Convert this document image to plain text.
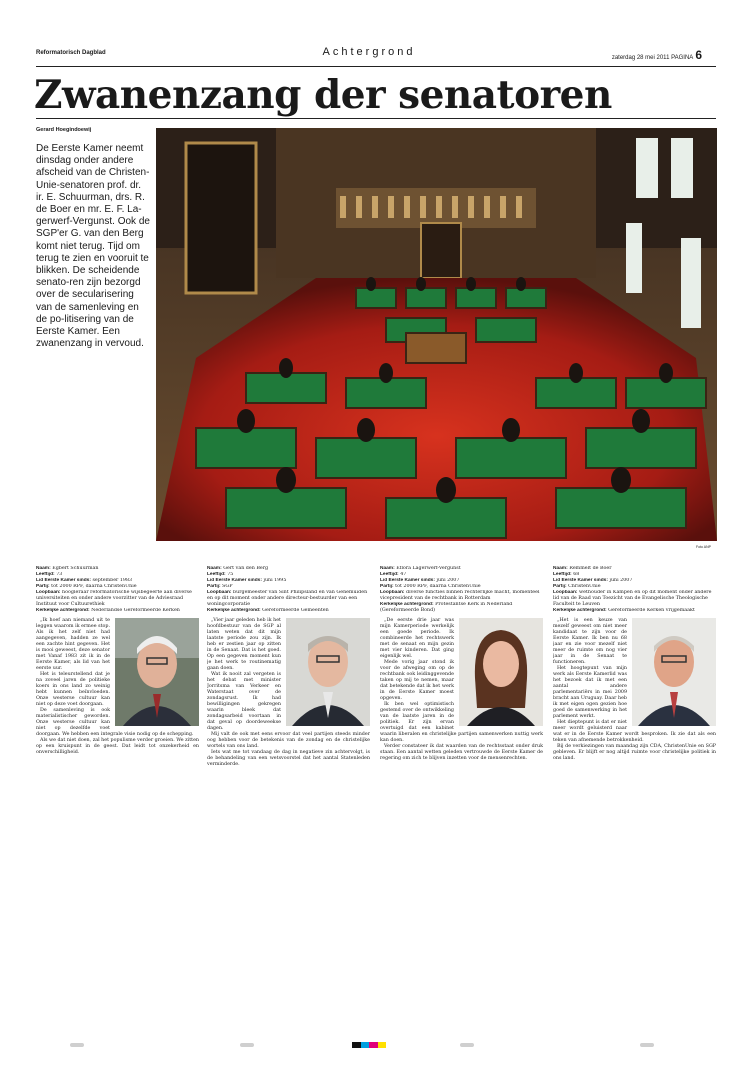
Reformatorisch Dagblad	Achtergrond	zaterdag 28 mei 2011 PAGINA 6
Zwanenzang der senatoren
Gerard Hoegindoewij

De Eerste Kamer neemt dinsdag onder andere afscheid van de Christen-Unie-senatoren prof. dr. ir. E. Schuurman, drs. R. de Boer en mr. E. F. La-gerwerf-Vergunst. Ook de SGP'er G. van den Berg komt niet terug. Tijd om terug te zien en vooruit te blikken. De scheidende senato-ren zijn bezorgd over de secularisering van de samenleving en de po-litisering van de Eerste Kamer. Een zwanenzang in vervoud.

Foto ANP
Naam: Egbert Schuurman
Leeftijd: 73
Lid Eerste Kamer sinds: september 1983
Partij: tot 2000 RPF, daarna ChristenUnie
Loopbaan: hoogleraar reformatorische wijsbegeerte aan diverse universiteiten en onder andere voorzitter van de Adviesraad Instituut voor Cultuurethiek
Kerkelijke achtergrond: Nederlandse Gereformeerde Kerken

„Ik hoef aan niemand uit te leggen waarom ik ermee stop. Als ik het zelf niet had aangegeven, hadden ze wel een zachte hint gegeven. Het is mooi geweest, deze senator met Vanaf 1983 zit ik in de Eerste Kamer, als lid van het eerste uur.

Het is teleurstellend dat je na zoveel jaren de politieke koers in ons land zo weinig hebt kunnen beïnvloeden. Onze westerse cultuur kan niet op deze voet doorgaan.

De samenleving is ook materialistischer geworden. Onze westerse cultuur kan niet op dezelfde voet doorgaan. We hebben een integrale visie nodig op de schepping.

Als we dat niet doen, zal het populisme verder groeien. We zitten op een kruispunt in de geest. Dat leidt tot onzekerheid en onverschilligheid.

Naam: Gert van den Berg
Leeftijd: 75
Lid Eerste Kamer sinds: juni 1995
Partij: SGP
Loopbaan: burgemeester van Sint Philipsland en van Genemuiden en op dit moment onder andere directeur-bestuurder van een woningcorporatie
Kerkelijke achtergrond: Gereformeerde Gemeenten

„Vier jaar geleden heb ik het hoofdbestuur van de SGP al laten weten dat dit mijn laatste periode zou zijn. Ik heb er zestien jaar op zitten in de Senaat. Dat is het goed. Op een gegeven moment kun je het werk te routinematig gaan doen.

Wat ik nooit zal vergeten is het debat met minister Jorritsma van Verkeer en Waterstaat over de zondagsrust. Ik had bewilligingen gekregen waarin bleek dat zondagsarbeid voortaan in dat geval op doordeweekse dagen.

Mij valt de ook met eens ervoor dat veel partijen steeds minder oog hebben voor de betekenis van de zondag en de christelijke wortels van ons land.

Iets wat me tot vandaag de dag in negatieve zin achtervolgt, is de behandeling van een wetsvoorstel dat het aantal Statenleden verminderde.

Naam: Eflora Lagerwerf-Vergunst
Leeftijd: 47
Lid Eerste Kamer sinds: juni 2007
Partij: tot 2000 RPF, daarna ChristenUnie
Loopbaan: diverse functies binnen rechterlijke macht, momenteel vicepresident van de rechtbank in Rotterdam
Kerkelijke achtergrond: Protestantse Kerk in Nederland (Gereformeerde Bond)

„De eerste drie jaar was mijn Kamerperiode werkelijk een goede periode. Ik combineerde het rechtswerk met de senaat en mijn gezin met vier kinderen. Dat ging eigenlijk wel.

Mede vorig jaar stond ik voor de afweging om op de rechtbank ook leidinggevende taken op mij te nemen, maar dat betekende dat ik het werk in de Eerste Kamer moest opgeven.

Ik ben wel optimistisch gestemd over de ontwikkeling van de laatste jaren in de politiek. Er zijn ervan overtuigd dat een kabinet waarin liberalen en christelijke partijen samenwerken nuttig werk kan doen.

Verder constateer ik dat waarden van de rechtsstaat onder druk staan. Een aantal wetten geleden vertrouwde de Eerste Kamer de regering om zich te blijven inzetten voor de mensenrechten.

Naam: Remmelt de Boer
Leeftijd: 68
Lid Eerste Kamer sinds: juni 2007
Partij: ChristenUnie
Loopbaan: wethouder in Kampen en op dit moment onder andere lid van de Raad van Toezicht van de Evangelische Theologische Faculteit te Leuven
Kerkelijke achtergrond: Gereformeerde Kerken vrijgemaakt

„Het is een keuze van mezelf geweest om niet meer kandidaat te zijn voor de Eerste Kamer. Ik ben nu 68 jaar en zie voor mezelf niet meer de ruimte om nog vier jaar in de Senaat te functioneren.

Het hoogtepunt van mijn werk als Eerste Kamerlid was het bezoek dat ik met een aantal andere parlementariërs in mei 2009 bracht aan Uruguay. Daar heb ik met eigen ogen gezien hoe goed de samenwerking in het parlement werkt.

Het dieptepunt is dat er niet meer wordt geluisterd naar wat er in de Eerste Kamer wordt besproken. Ik zie dat als een teken van afnemende betrokkenheid.

Bij de verkiezingen van maandag zijn CDA, ChristenUnie en SGP gebleven. Er blijft er nog altijd ruimte voor christelijke politiek in ons land.
